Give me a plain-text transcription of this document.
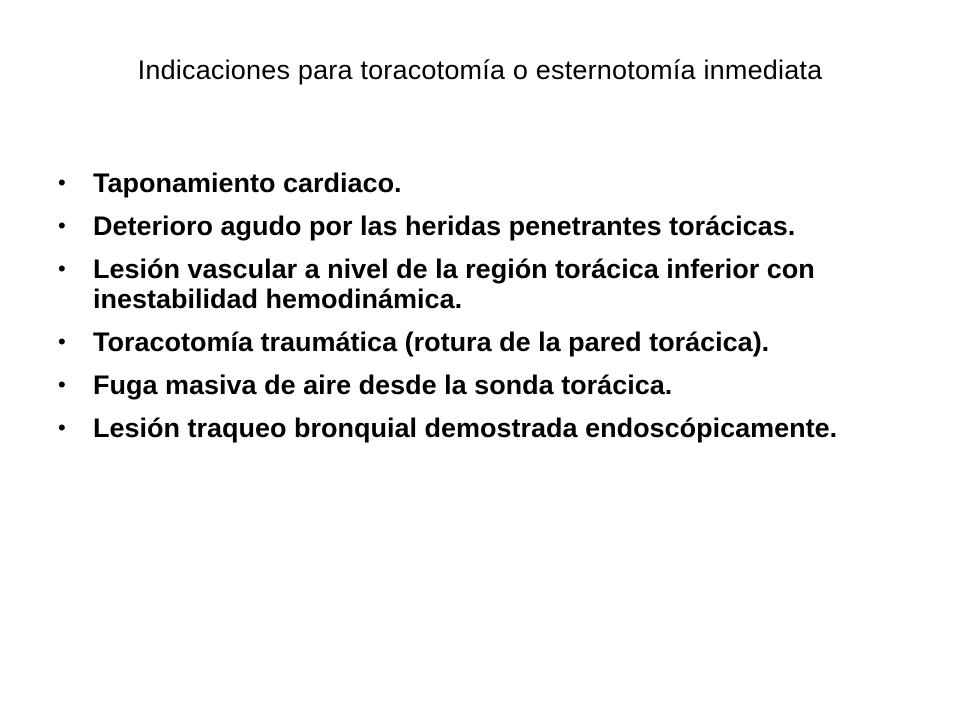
Indicaciones para toracotomía o esternotomía inmediata
• Taponamiento cardiaco.
• Deterioro agudo por las heridas penetrantes torácicas.
• Lesión vascular a nivel de la región torácica inferior con inestabilidad hemodinámica.
• Toracotomía traumática (rotura de la pared torácica).
• Fuga masiva de aire desde la sonda torácica.
• Lesión traqueo bronquial demostrada endoscópicamente.
